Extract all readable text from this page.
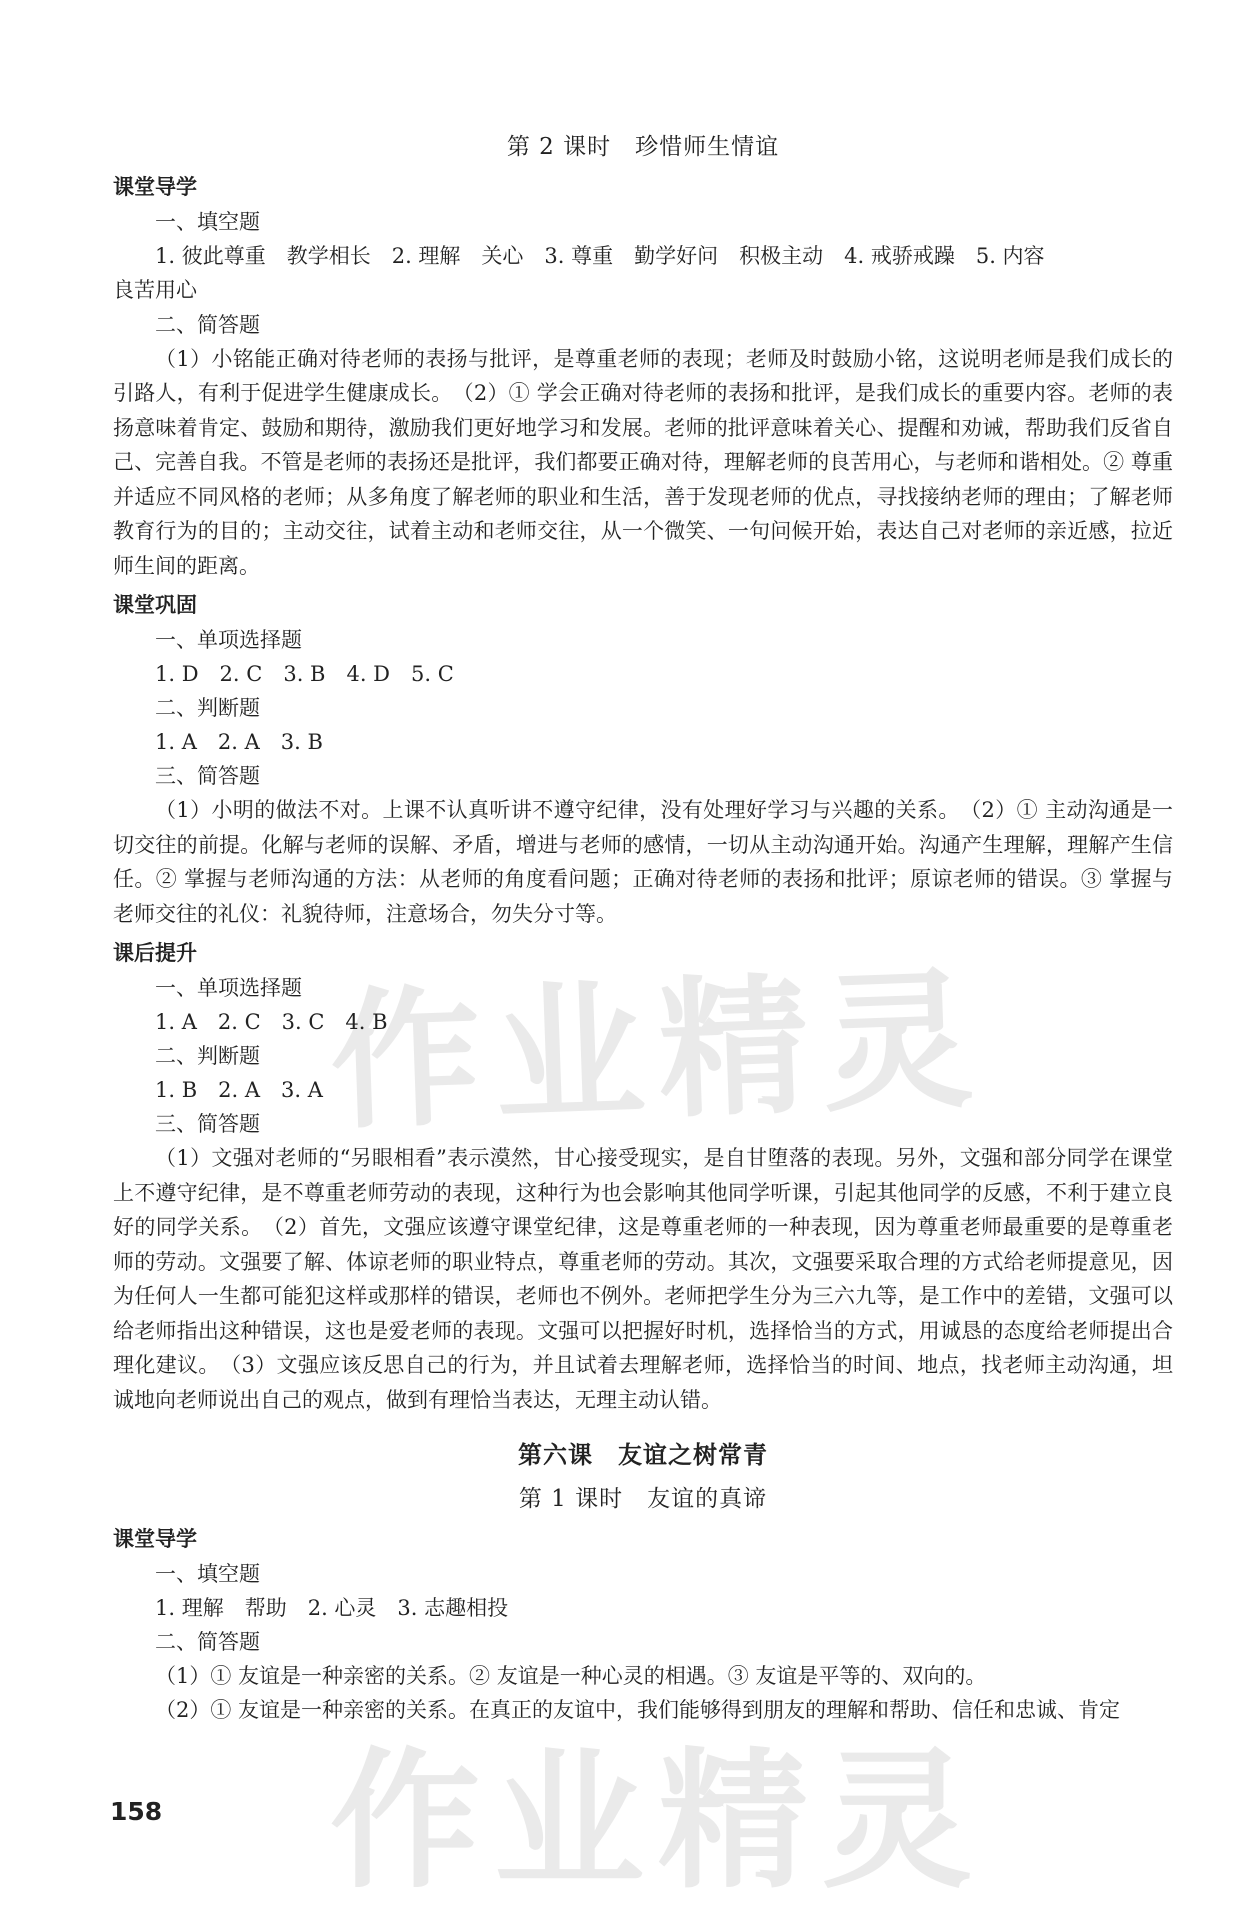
作业精灵
作业精灵
第 2 课时　珍惜师生情谊
课堂导学
一、填空题
1. 彼此尊重　教学相长　2. 理解　关心　3. 尊重　勤学好问　积极主动　4. 戒骄戒躁　5. 内容
良苦用心
二、简答题
（1）小铭能正确对待老师的表扬与批评，是尊重老师的表现；老师及时鼓励小铭，这说明老师是我们成长的引路人，有利于促进学生健康成长。　（2）① 学会正确对待老师的表扬和批评，是我们成长的重要内容。老师的表扬意味着肯定、鼓励和期待，激励我们更好地学习和发展。老师的批评意味着关心、提醒和劝诫，帮助我们反省自己、完善自我。不管是老师的表扬还是批评，我们都要正确对待，理解老师的良苦用心，与老师和谐相处。② 尊重并适应不同风格的老师；从多角度了解老师的职业和生活，善于发现老师的优点，寻找接纳老师的理由；了解老师教育行为的目的；主动交往，试着主动和老师交往，从一个微笑、一句问候开始，表达自己对老师的亲近感，拉近师生间的距离。
课堂巩固
一、单项选择题
1. D　2. C　3. B　4. D　5. C
二、判断题
1. A　2. A　3. B
三、简答题
（1）小明的做法不对。上课不认真听讲不遵守纪律，没有处理好学习与兴趣的关系。　（2）① 主动沟通是一切交往的前提。化解与老师的误解、矛盾，增进与老师的感情，一切从主动沟通开始。沟通产生理解，理解产生信任。② 掌握与老师沟通的方法：从老师的角度看问题；正确对待老师的表扬和批评；原谅老师的错误。③ 掌握与老师交往的礼仪：礼貌待师，注意场合，勿失分寸等。
课后提升
一、单项选择题
1. A　2. C　3. C　4. B
二、判断题
1. B　2. A　3. A
三、简答题
（1）文强对老师的“另眼相看”表示漠然，甘心接受现实，是自甘堕落的表现。另外，文强和部分同学在课堂上不遵守纪律，是不尊重老师劳动的表现，这种行为也会影响其他同学听课，引起其他同学的反感，不利于建立良好的同学关系。　（2）首先，文强应该遵守课堂纪律，这是尊重老师的一种表现，因为尊重老师最重要的是尊重老师的劳动。文强要了解、体谅老师的职业特点，尊重老师的劳动。其次，文强要采取合理的方式给老师提意见，因为任何人一生都可能犯这样或那样的错误，老师也不例外。老师把学生分为三六九等，是工作中的差错，文强可以给老师指出这种错误，这也是爱老师的表现。文强可以把握好时机，选择恰当的方式，用诚恳的态度给老师提出合理化建议。　（3）文强应该反思自己的行为，并且试着去理解老师，选择恰当的时间、地点，找老师主动沟通，坦诚地向老师说出自己的观点，做到有理恰当表达，无理主动认错。
第六课　友谊之树常青
第 1 课时　友谊的真谛
课堂导学
一、填空题
1. 理解　帮助　2. 心灵　3. 志趣相投
二、简答题
（1）① 友谊是一种亲密的关系。② 友谊是一种心灵的相遇。③ 友谊是平等的、双向的。
（2）① 友谊是一种亲密的关系。在真正的友谊中，我们能够得到朋友的理解和帮助、信任和忠诚、肯定
158
